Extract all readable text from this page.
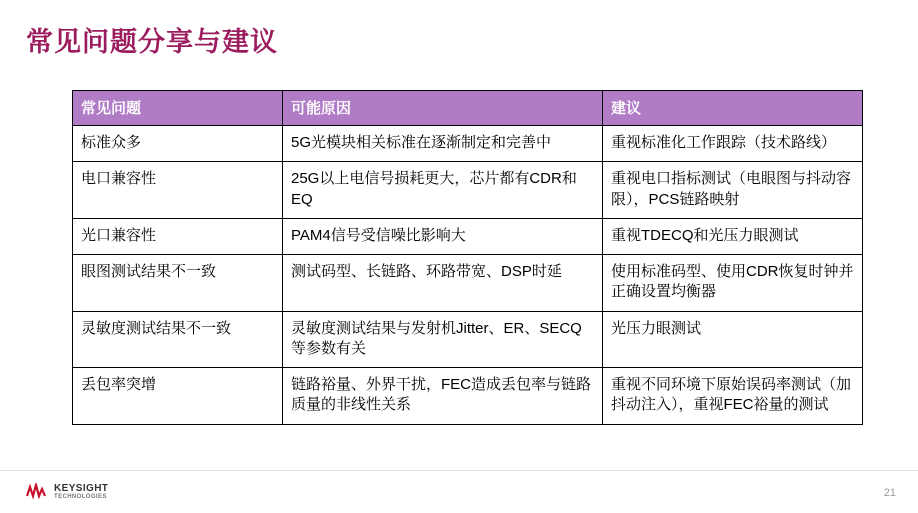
常见问题分享与建议
常见问题	可能原因	建议
标准众多	5G光模块相关标准在逐渐制定和完善中	重视标准化工作跟踪（技术路线）
电口兼容性	25G以上电信号损耗更大，芯片都有CDR和EQ	重视电口指标测试（电眼图与抖动容限），PCS链路映射
光口兼容性	PAM4信号受信噪比影响大	重视TDECQ和光压力眼测试
眼图测试结果不一致	测试码型、长链路、环路带宽、DSP时延	使用标准码型、使用CDR恢复时钟并正确设置均衡器
灵敏度测试结果不一致	灵敏度测试结果与发射机Jitter、ER、SECQ等参数有关	光压力眼测试
丢包率突增	链路裕量、外界干扰，FEC造成丢包率与链路质量的非线性关系	重视不同环境下原始误码率测试（加抖动注入），重视FEC裕量的测试
KEYSIGHT
TECHNOLOGIES	21
